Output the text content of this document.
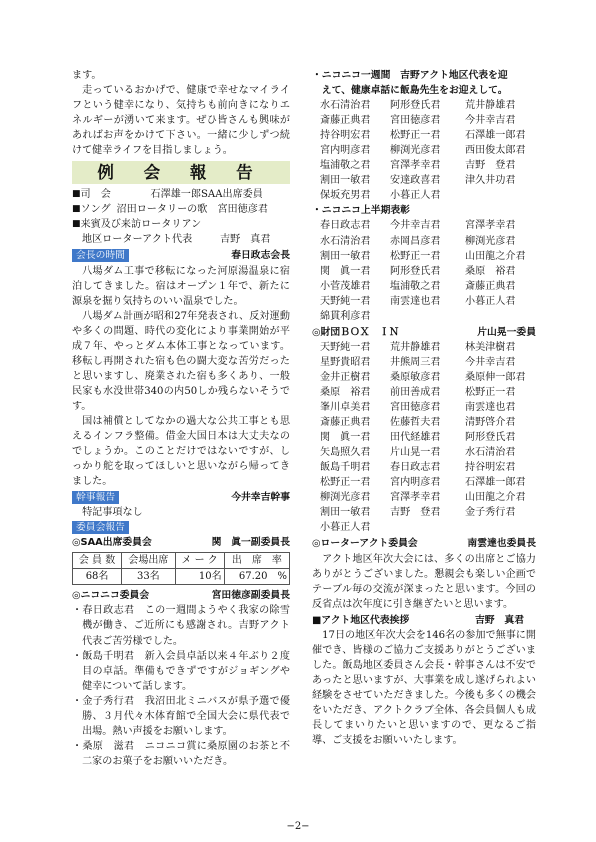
ます。

走っているおかげで、健康で幸せなマイライフという健幸になり、気持ちも前向きになりエネルギーが湧いて来ます。ぜひ皆さんも興味があればお声をかけて下さい。一緒に少しずつ続けて健幸ライフを目指しましょう。

例 会 報 告
■ 司　会	石澤雄一郎SAA出席委員
■ ソング 沼田ロータリーの歌　宮田徳彦君
■ 来賓及び来訪ロータリアン
地区ローターアクト代表	吉野　真君
会長の時間	春日政志会長

八場ダム工事で移転になった河原湯温泉に宿泊してきました。宿はオープン１年で、新たに源泉を掘り気持ちのいい温泉でした。

八場ダム計画が昭和27年発表され、反対運動や多くの問題、時代の変化により事業開始が平成７年、やっとダム本体工事となっています。移転し再開された宿も色の闘大変な苦労だったと思いますし、廃業された宿も多くあり、一般民家も水没世帯340の内50しか残らないそうです。

国は補償としてなかの過大な公共工事とも思えるインフラ整備。借金大国日本は大丈夫なのでしょうか。このことだけではないですが、しっかり舵を取ってほしいと思いながら帰ってきました。

幹事報告	今井幸吉幹事

特記事項なし

委員会報告
◎SAA出席委員会	関　眞一副委員長
会 員 数	会場出席	メ ー ク	出　席　率
68名	33名	10名	67.20　%
◎ニコニコ委員会	宮田徳彦副委員長

・春日政志君　この一週間ようやく我家の除雪機が働き、ご近所にも感謝され。吉野アクト代表ご苦労様でした。

・飯島千明君　新入会員卓話以来４年ぶり２度目の卓話。準備もできずですがジョギングや健幸について話します。

・金子秀行君　我沼田北ミニバスが県予選で優勝、３月代々木体育館で全国大会に県代表で出場。熱い声援をお願いします。

・桑原　滋君　ニコニコ賞に桑原園のお茶と不二家のお菓子をお願いいただき。

・ニコニコ一週間　吉野アクト地区代表を迎
　えて、健康卓話に飯島先生をお迎えして。
水石清治君	阿形登氏君	荒井静雄君
斎藤正典君	宮田徳彦君	今井幸吉君
持谷明宏君	松野正一君	石澤雄一郎君
宮内明彦君	柳渕光彦君	西田俊太郎君
塩浦敬之君	宮澤孝幸君	吉野　登君
割田一敏君	安達政喜君	津久井功君
保坂充男君	小暮正人君
・ニコニコ上半期表彰
春日政志君	今井幸吉君	宮澤孝幸君
水石清治君	赤岡昌彦君	柳渕光彦君
割田一敏君	松野正一君	山田龍之介君
関　眞一君	阿形登氏君	桑原　裕君
小菅茂雄君	塩浦敬之君	斎藤正典君
天野純一君	南雲達也君	小暮正人君
綿貫利彦君
◎財団ＢＯＸ　ＩＮ	片山晃一委員
天野純一君	荒井静雄君	林美津樹君
星野貴昭君	井熊周三君	今井幸吉君
金井正樹君	桑原敏彦君	桑原伸一郎君
桑原　裕君	前田善成君	松野正一君
峯川卓美君	宮田徳彦君	南雲達也君
斎藤正典君	佐藤哲夫君	清野啓介君
関　眞一君	田代経雄君	阿形登氏君
矢島照久君	片山晃一君	水石清治君
飯島千明君	春日政志君	持谷明宏君
松野正一君	宮内明彦君	石澤雄一郎君
柳渕光彦君	宮澤孝幸君	山田龍之介君
割田一敏君	吉野　登君	金子秀行君
小暮正人君
◎ローターアクト委員会	南雲達也委員長

アクト地区年次大会には、多くの出席とご協力ありがとうございました。懇親会も楽しい企画でテーブル毎の交流が深まったと思います。今回の反省点は次年度に引き継ぎたいと思います。

■アクト地区代表挨拶	吉野　真君

17日の地区年次大会を146名の参加で無事に開催でき、皆様のご協力ご支援ありがとうございました。飯島地区委員さん会長・幹事さんは不安であったと思いますが、大事業を成し遂げられよい経験をさせていただきました。今後も多くの機会をいただき、アクトクラブ全体、各会員個人も成長してまいりたいと思いますので、更なるご指導、ご支援をお願いいたします。

−2−
